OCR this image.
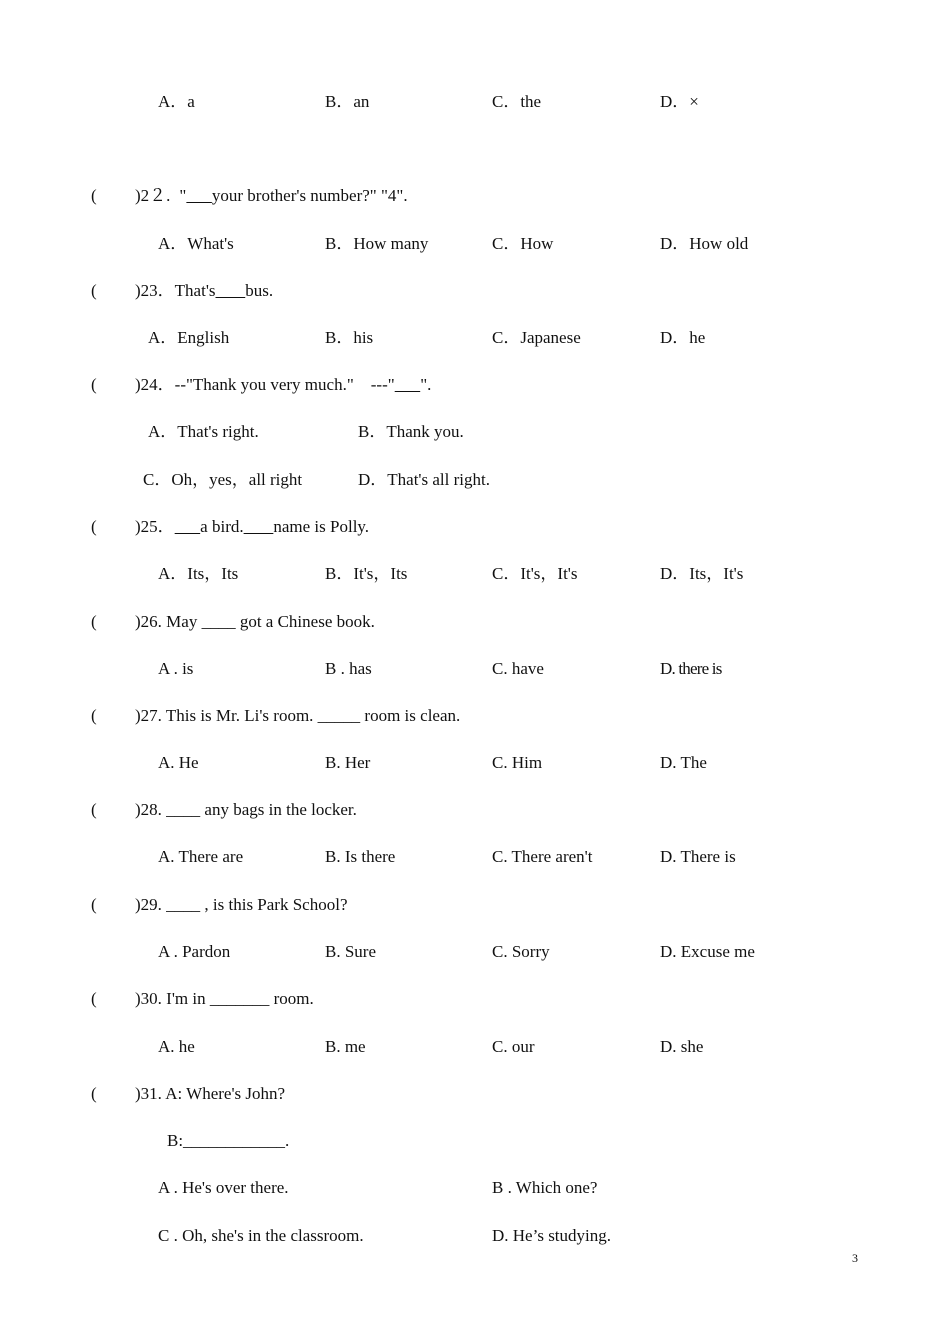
A．a	B．an	C．the	D．×
( )2２. " your brother's number?" "4".
A．What's	B．How many	C．How	D．How old
( )23．That's bus.
A．English	B．his	C．Japanese	D．he
( )24．--"Thank you very much."    ---" ".
A．That's right.	B．Thank you.
C．Oh，yes，all right	D．That's all right.
( )25． a bird. name is Polly.
A．Its，Its	B．It's，Its	C．It's，It's	D．Its，It's
( )26. May ____ got a Chinese book.
A . is	B . has	C. have	D. there is
( )27. This is Mr. Li's room. _____ room is clean.
A. He	B. Her	C. Him	D. The
( )28. ____ any bags in the locker.
A. There are	B. Is there	C. There aren't	D. There is
( )29. ____ , is this Park School?
A . Pardon	B. Sure	C. Sorry	D. Excuse me
( )30. I'm in _______ room.
A. he	B. me	C. our	D. she
( )31. A: Where's John?
B:____________.
A . He's over there.	B . Which one?
C . Oh, she's in the classroom.	D. He’s studying.
3
